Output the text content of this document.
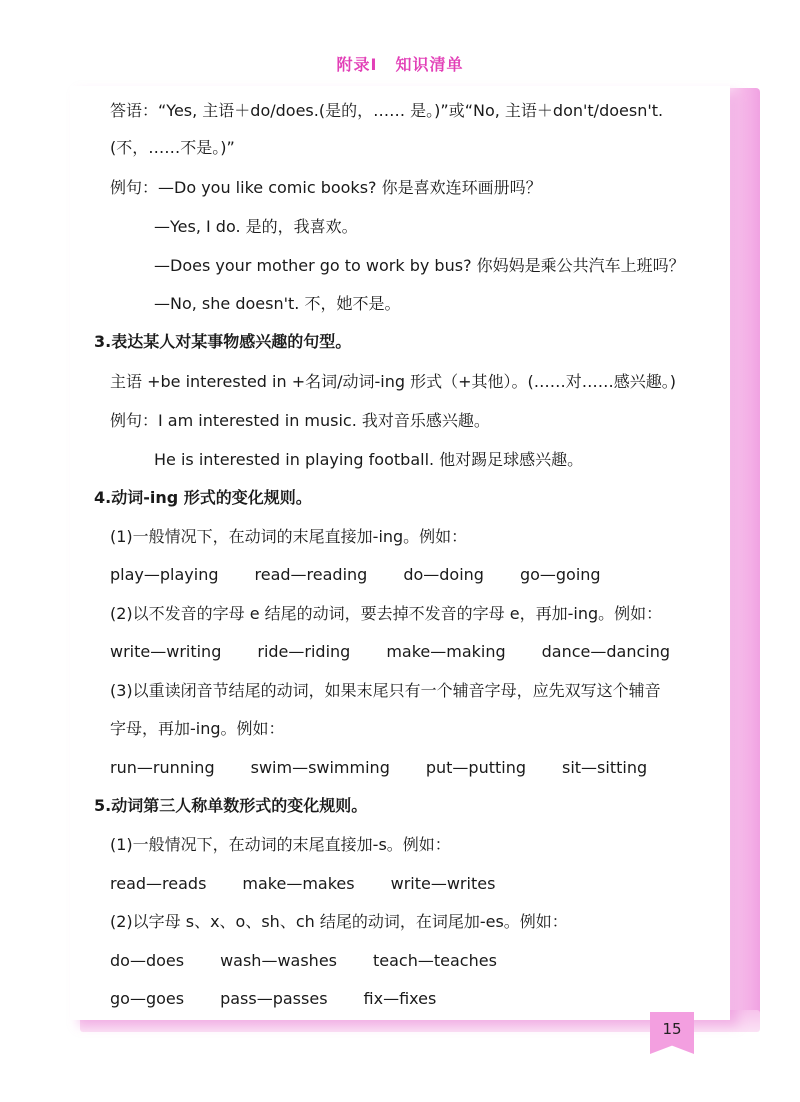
15
附录Ⅰ 知识清单
答语：“Yes, 主语＋do/does.(是的，…… 是。)”或“No, 主语＋don't/doesn't.
(不，……不是。)”
例句：—Do you like comic books? 你是喜欢连环画册吗？
—Yes, I do. 是的，我喜欢。
—Does your mother go to work by bus? 你妈妈是乘公共汽车上班吗？
—No, she doesn't. 不，她不是。
3.表达某人对某事物感兴趣的句型。
主语 +be interested in +名词/动词-ing 形式（+其他）。(……对……感兴趣。)
例句：I am interested in music. 我对音乐感兴趣。
He is interested in playing football. 他对踢足球感兴趣。
4.动词-ing 形式的变化规则。
(1)一般情况下，在动词的末尾直接加-ing。例如：
play—playing read—reading do—doing go—going
(2)以不发音的字母 e 结尾的动词，要去掉不发音的字母 e，再加-ing。例如：
write—writing ride—riding make—making dance—dancing
(3)以重读闭音节结尾的动词，如果末尾只有一个辅音字母，应先双写这个辅音
字母，再加-ing。例如：
run—running swim—swimming put—putting sit—sitting
5.动词第三人称单数形式的变化规则。
(1)一般情况下，在动词的末尾直接加-s。例如：
read—reads make—makes write—writes
(2)以字母 s、x、o、sh、ch 结尾的动词，在词尾加-es。例如：
do—does wash—washes teach—teaches
go—goes pass—passes fix—fixes
